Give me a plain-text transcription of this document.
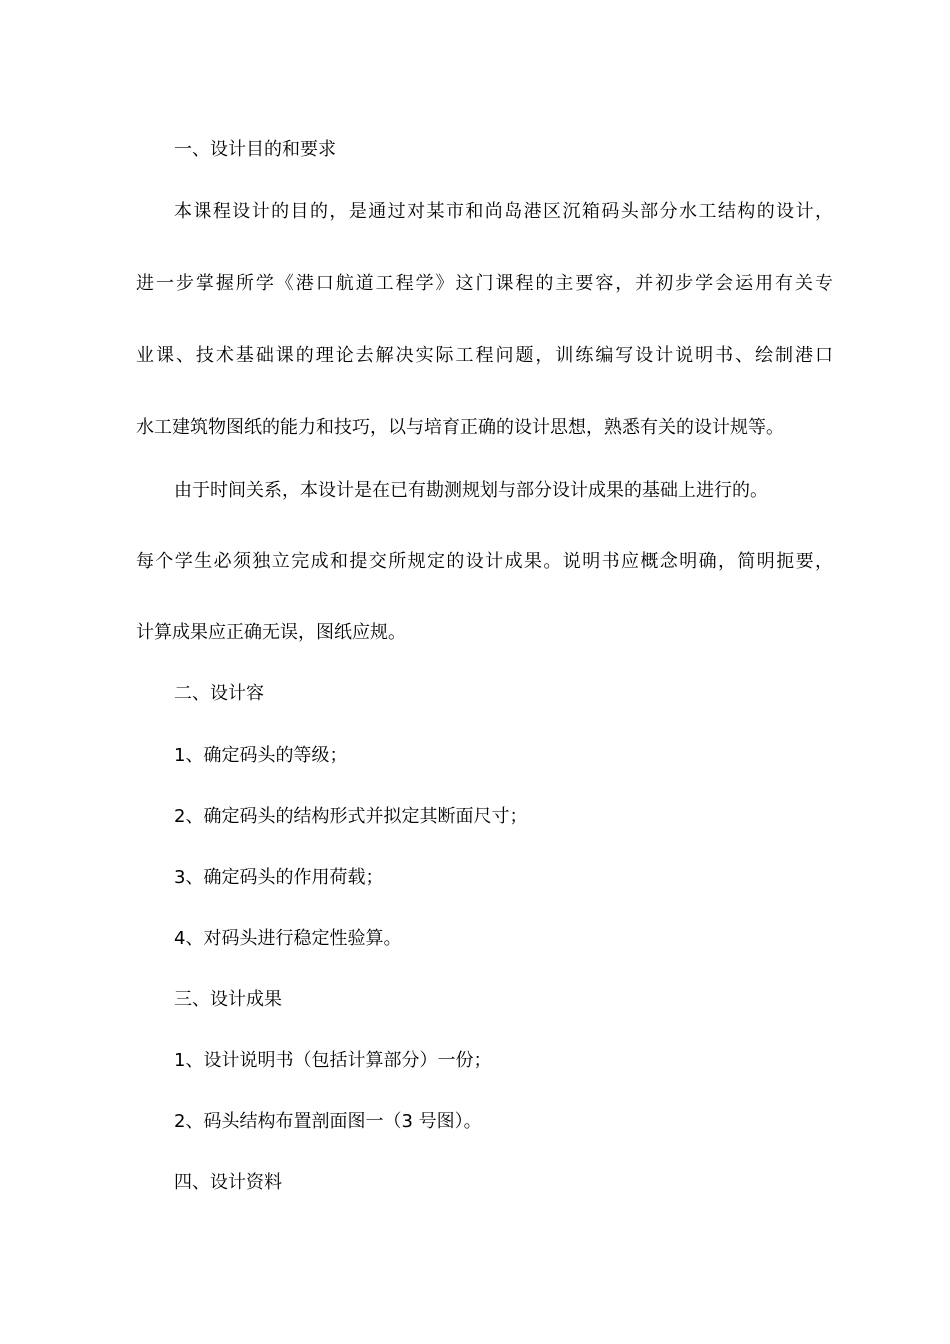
一、设计目的和要求
本课程设计的目的，是通过对某市和尚岛港区沉箱码头部分水工结构的设计，
进一步掌握所学《港口航道工程学》这门课程的主要容，并初步学会运用有关专
业课、技术基础课的理论去解决实际工程问题，训练编写设计说明书、绘制港口
水工建筑物图纸的能力和技巧，以与培育正确的设计思想，熟悉有关的设计规等。
由于时间关系，本设计是在已有勘测规划与部分设计成果的基础上进行的。
每个学生必须独立完成和提交所规定的设计成果。说明书应概念明确，简明扼要，
计算成果应正确无误，图纸应规。
二、设计容
1、确定码头的等级；
2、确定码头的结构形式并拟定其断面尺寸；
3、确定码头的作用荷载；
4、对码头进行稳定性验算。
三、设计成果
1、设计说明书（包括计算部分）一份；
2、码头结构布置剖面图一（3 号图）。
四、设计资料
